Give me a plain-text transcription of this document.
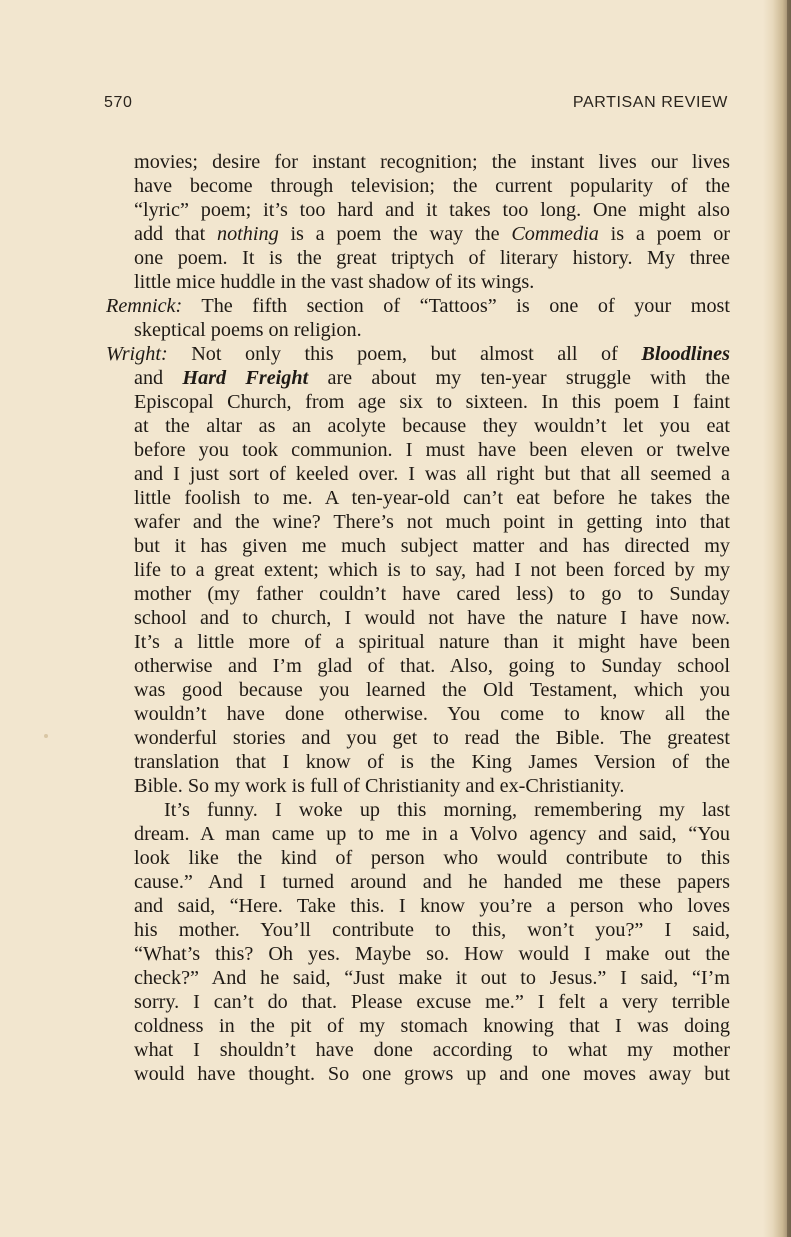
570	PARTISAN REVIEW

movies; desire for instant recognition; the instant lives our lives
have become through television; the current popularity of the
“lyric” poem; it’s too hard and it takes too long. One might also
add that nothing is a poem the way the Commedia is a poem or
one poem. It is the great triptych of literary history. My three
little mice huddle in the vast shadow of its wings.

Remnick: The fifth section of “Tattoos” is one of your most
skeptical poems on religion.

Wright: Not only this poem, but almost all of Bloodlines
and Hard Freight are about my ten-year struggle with the
Episcopal Church, from age six to sixteen. In this poem I faint
at the altar as an acolyte because they wouldn’t let you eat
before you took communion. I must have been eleven or twelve
and I just sort of keeled over. I was all right but that all seemed a
little foolish to me. A ten-year-old can’t eat before he takes the
wafer and the wine? There’s not much point in getting into that
but it has given me much subject matter and has directed my
life to a great extent; which is to say, had I not been forced by my
mother (my father couldn’t have cared less) to go to Sunday
school and to church, I would not have the nature I have now.
It’s a little more of a spiritual nature than it might have been
otherwise and I’m glad of that. Also, going to Sunday school
was good because you learned the Old Testament, which you
wouldn’t have done otherwise. You come to know all the
wonderful stories and you get to read the Bible. The greatest
translation that I know of is the King James Version of the
Bible. So my work is full of Christianity and ex-Christianity.

It’s funny. I woke up this morning, remembering my last
dream. A man came up to me in a Volvo agency and said, “You
look like the kind of person who would contribute to this
cause.” And I turned around and he handed me these papers
and said, “Here. Take this. I know you’re a person who loves
his mother. You’ll contribute to this, won’t you?” I said,
“What’s this? Oh yes. Maybe so. How would I make out the
check?” And he said, “Just make it out to Jesus.” I said, “I’m
sorry. I can’t do that. Please excuse me.” I felt a very terrible
coldness in the pit of my stomach knowing that I was doing
what I shouldn’t have done according to what my mother
would have thought. So one grows up and one moves away but
